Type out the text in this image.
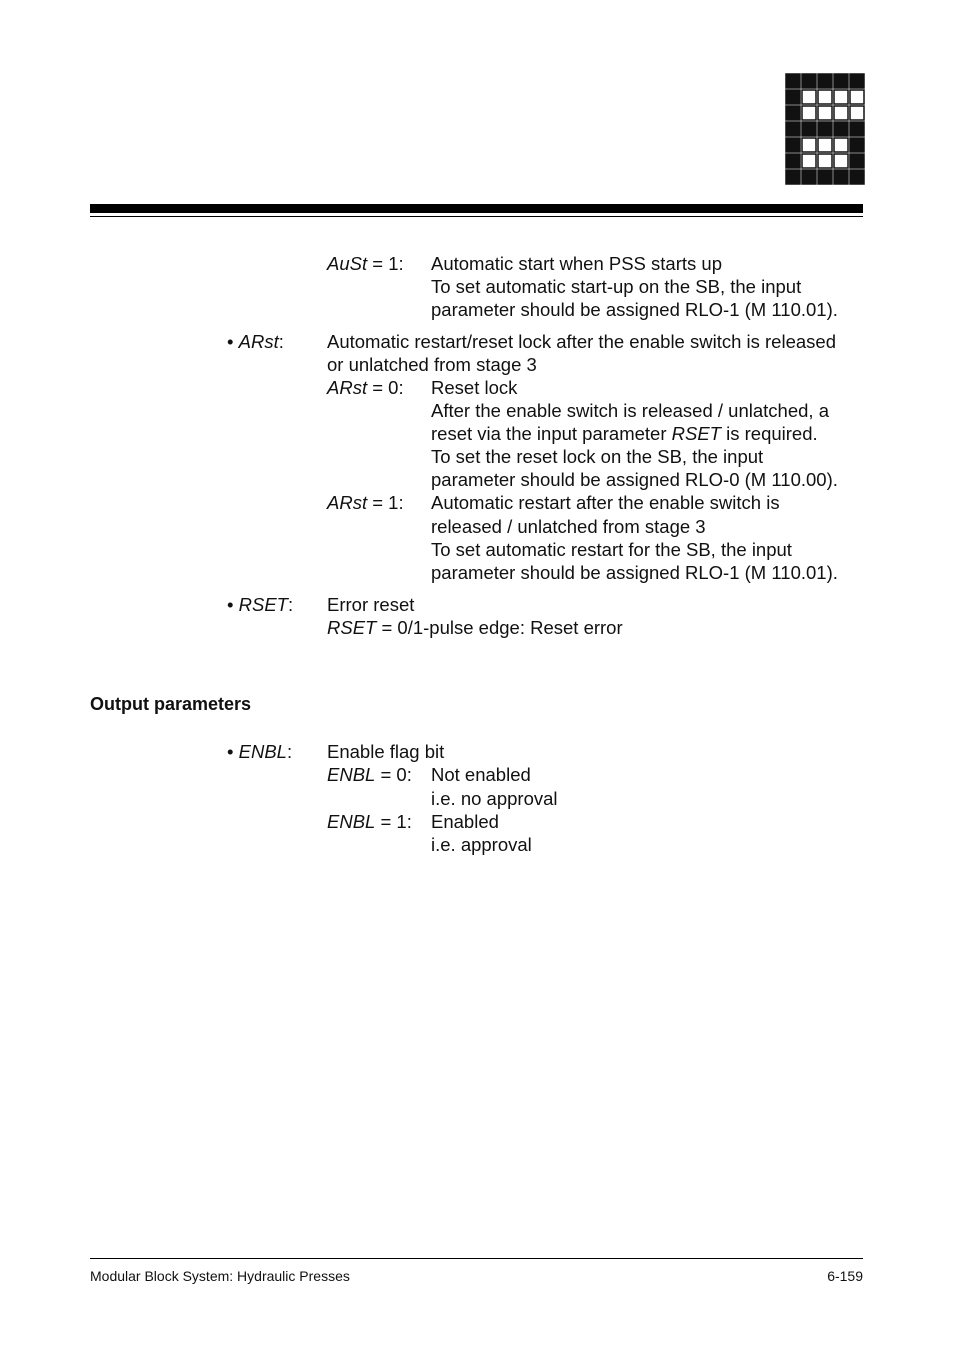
AuSt = 1: Automatic start when PSS starts up
To set automatic start-up on the SB, the input
parameter should be assigned RLO-1 (M 110.01).
• ARst: Automatic restart/reset lock after the enable switch is released
or unlatched from stage 3
ARst = 0: Reset lock
After the enable switch is released / unlatched, a
reset via the input parameter RSET is required.
To set the reset lock on the SB, the input
parameter should be assigned RLO-0 (M 110.00).
ARst = 1: Automatic restart after the enable switch is
released / unlatched from stage 3
To set automatic restart for the SB, the input
parameter should be assigned RLO-1 (M 110.01).
• RSET: Error reset
RSET = 0/1-pulse edge: Reset error
Output parameters
• ENBL: Enable flag bit
ENBL = 0: Not enabled
i.e. no approval
ENBL = 1: Enabled
i.e. approval
Modular Block System: Hydraulic Presses	6-159
